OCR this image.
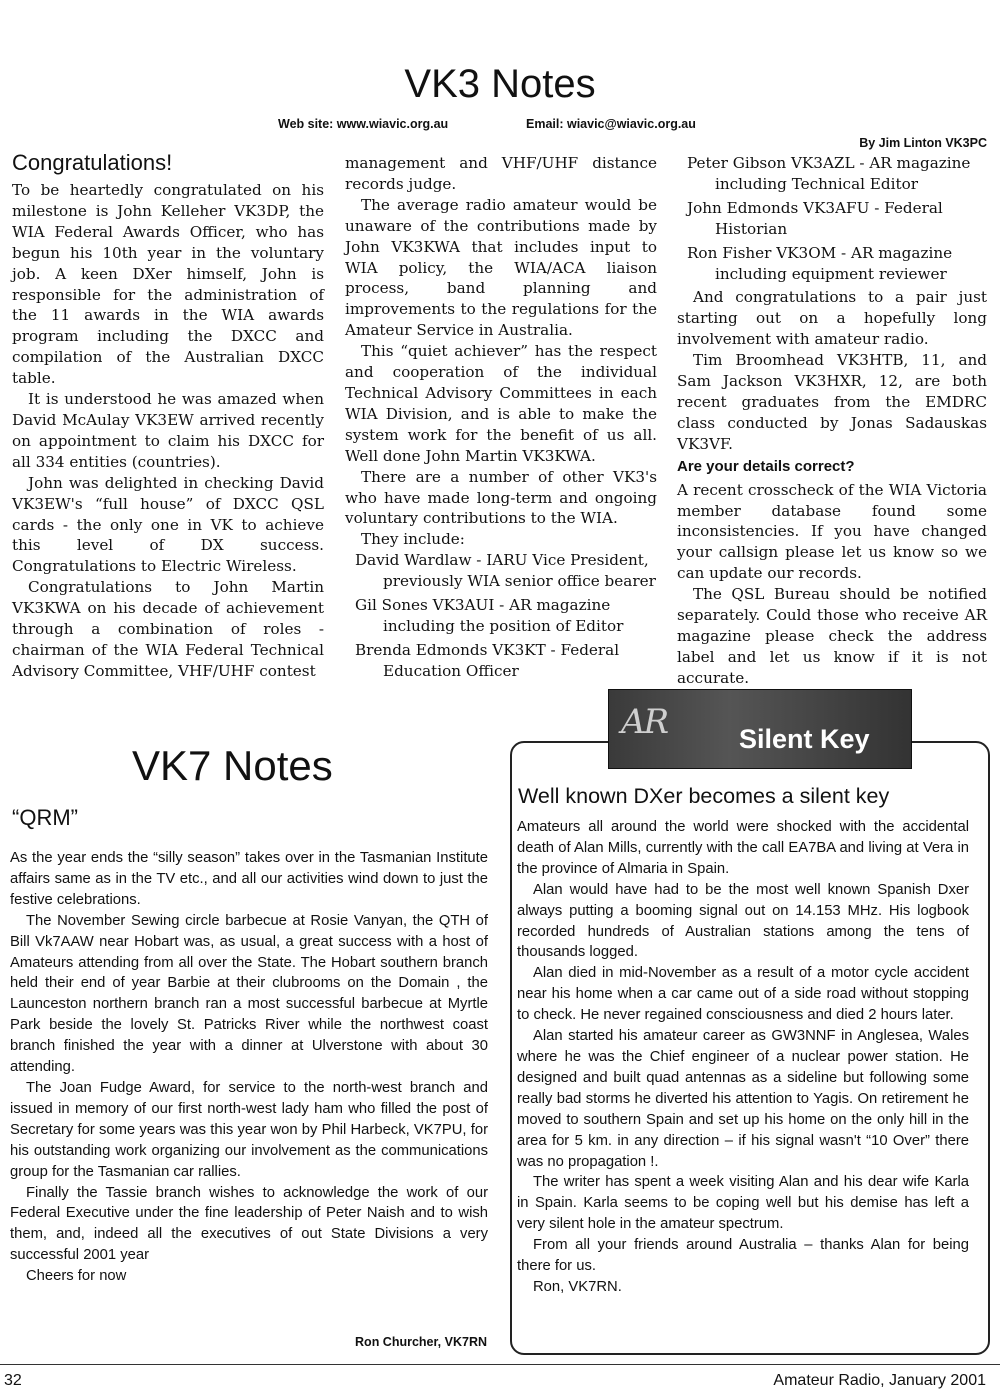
VK3 Notes
Web site: www.wiavic.org.au	Email: wiavic@wiavic.org.au
By Jim Linton VK3PC
Congratulations!

To be heartedly congratulated on his milestone is John Kelleher VK3DP, the WIA Federal Awards Officer, who has begun his 10th year in the voluntary job. A keen DXer himself, John is responsible for the administration of the 11 awards in the WIA awards program including the DXCC and compilation of the Australian DXCC table.

It is understood he was amazed when David McAulay VK3EW arrived recently on appointment to claim his DXCC for all 334 entities (countries).

John was delighted in checking David VK3EW's “full house” of DXCC QSL cards - the only one in VK to achieve this level of DX success. Congratulations to Electric Wireless.

Congratulations to John Martin VK3KWA on his decade of achievement through a combination of roles - chairman of the WIA Federal Technical Advisory Committee, VHF/UHF contest

management and VHF/UHF distance records judge.

The average radio amateur would be unaware of the contributions made by John VK3KWA that includes input to WIA policy, the WIA/ACA liaison process, band planning and improvements to the regulations for the Amateur Service in Australia.

This “quiet achiever” has the respect and cooperation of the individual Technical Advisory Committees in each WIA Division, and is able to make the system work for the benefit of us all. Well done John Martin VK3KWA.

There are a number of other VK3's who have made long-term and ongoing voluntary contributions to the WIA.

They include:

David Wardlaw - IARU Vice President, previously WIA senior office bearer

Gil Sones VK3AUI - AR magazine including the position of Editor

Brenda Edmonds VK3KT - Federal Education Officer

Peter Gibson VK3AZL - AR magazine including Technical Editor

John Edmonds VK3AFU - Federal Historian

Ron Fisher VK3OM - AR magazine including equipment reviewer

And congratulations to a pair just starting out on a hopefully long involvement with amateur radio.

Tim Broomhead VK3HTB, 11, and Sam Jackson VK3HXR, 12, are both recent graduates from the EMDRC class conducted by Jonas Sadauskas VK3VF.

Are your details correct?

A recent crosscheck of the WIA Victoria member database found some inconsistencies. If you have changed your callsign please let us know so we can update our records.

The QSL Bureau should be notified separately. Could those who receive AR magazine please check the address label and let us know if it is not accurate.

VK7 Notes
“QRM”

As the year ends the “silly season” takes over in the Tasmanian Institute affairs same as in the TV etc., and all our activities wind down to just the festive celebrations.

The November Sewing circle barbecue at Rosie Vanyan, the QTH of Bill Vk7AAW near Hobart was, as usual, a great success with a host of Amateurs attending from all over the State. The Hobart southern branch held their end of year Barbie at their clubrooms on the Domain , the Launceston northern branch ran a most successful barbecue at Myrtle Park beside the lovely St. Patricks River while the northwest coast branch finished the year with a dinner at Ulverstone with about 30 attending.

The Joan Fudge Award, for service to the north-west branch and issued in memory of our first north-west lady ham who filled the post of Secretary for some years was this year won by Phil Harbeck, VK7PU, for his outstanding work organizing our involvement as the communications group for the Tasmanian car rallies.

Finally the Tassie branch wishes to acknowledge the work of our Federal Executive under the fine leadership of Peter Naish and to wish them, and, indeed all the executives of out State Divisions a very successful 2001 year

Cheers for now

Ron Churcher, VK7RN
AR	Silent Key
Well known DXer becomes a silent key

Amateurs all around the world were shocked with the accidental death of Alan Mills, currently with the call EA7BA and living at Vera in the province of Almaria in Spain.

Alan would have had to be the most well known Spanish Dxer always putting a booming signal out on 14.153 MHz. His logbook recorded hundreds of Australian stations among the tens of thousands logged.

Alan died in mid-November as a result of a motor cycle accident near his home when a car came out of a side road without stopping to check. He never regained consciousness and died 2 hours later.

Alan started his amateur career as GW3NNF in Anglesea, Wales where he was the Chief engineer of a nuclear power station. He designed and built quad antennas as a sideline but following some really bad storms he diverted his attention to Yagis. On retirement he moved to southern Spain and set up his home on the only hill in the area for 5 km. in any direction – if his signal wasn't “10 Over” there was no propagation !.

The writer has spent a week visiting Alan and his dear wife Karla in Spain. Karla seems to be coping well but his demise has left a very silent hole in the amateur spectrum.

From all your friends around Australia – thanks Alan for being there for us.

Ron, VK7RN.

32	Amateur Radio, January 2001
